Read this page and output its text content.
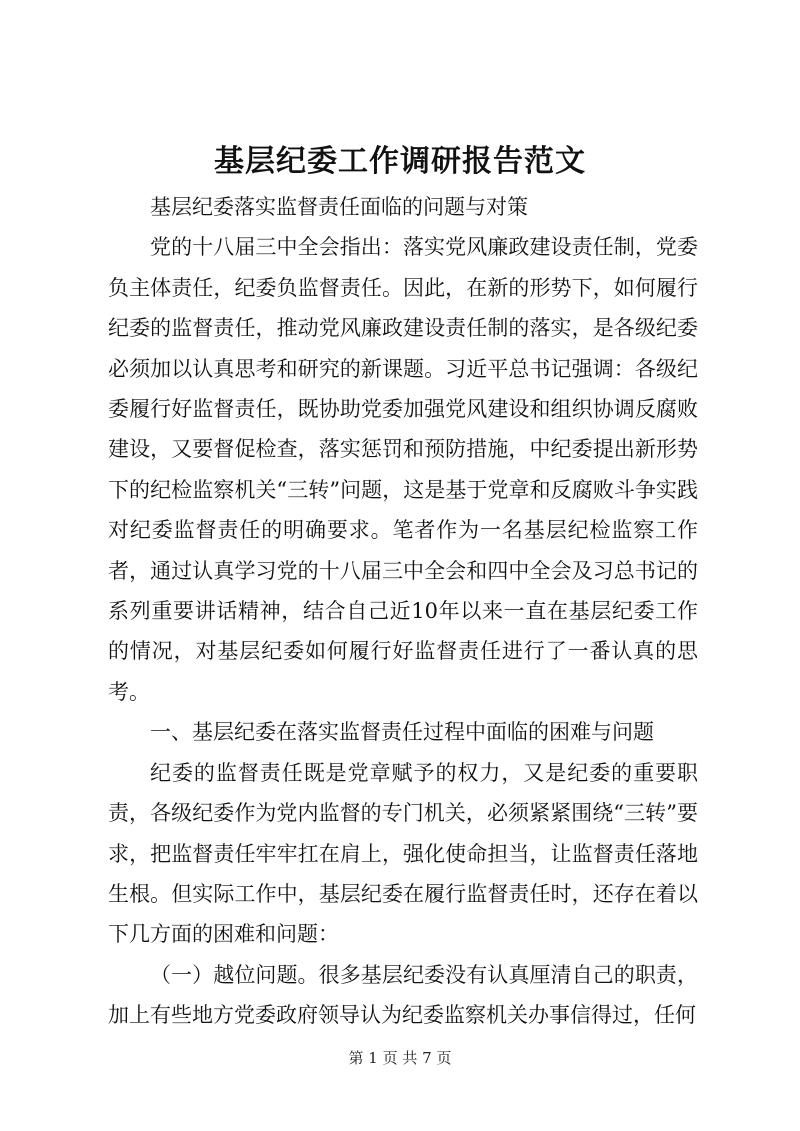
基层纪委工作调研报告范文

基层纪委落实监督责任面临的问题与对策

党的十八届三中全会指出：落实党风廉政建设责任制，党委负主体责任，纪委负监督责任。因此，在新的形势下，如何履行纪委的监督责任，推动党风廉政建设责任制的落实，是各级纪委必须加以认真思考和研究的新课题。习近平总书记强调：各级纪委履行好监督责任，既协助党委加强党风建设和组织协调反腐败建设，又要督促检查，落实惩罚和预防措施，中纪委提出新形势下的纪检监察机关“三转”问题，这是基于党章和反腐败斗争实践对纪委监督责任的明确要求。笔者作为一名基层纪检监察工作者，通过认真学习党的十八届三中全会和四中全会及习总书记的系列重要讲话精神，结合自己近10年以来一直在基层纪委工作的情况，对基层纪委如何履行好监督责任进行了一番认真的思考。

一、基层纪委在落实监督责任过程中面临的困难与问题

纪委的监督责任既是党章赋予的权力，又是纪委的重要职责，各级纪委作为党内监督的专门机关，必须紧紧围绕“三转”要求，把监督责任牢牢扛在肩上，强化使命担当，让监督责任落地生根。但实际工作中，基层纪委在履行监督责任时，还存在着以下几方面的困难和问题：

（一）越位问题。很多基层纪委没有认真厘清自己的职责，加上有些地方党委政府领导认为纪委监察机关办事信得过，任何

第 1 页 共 7 页
